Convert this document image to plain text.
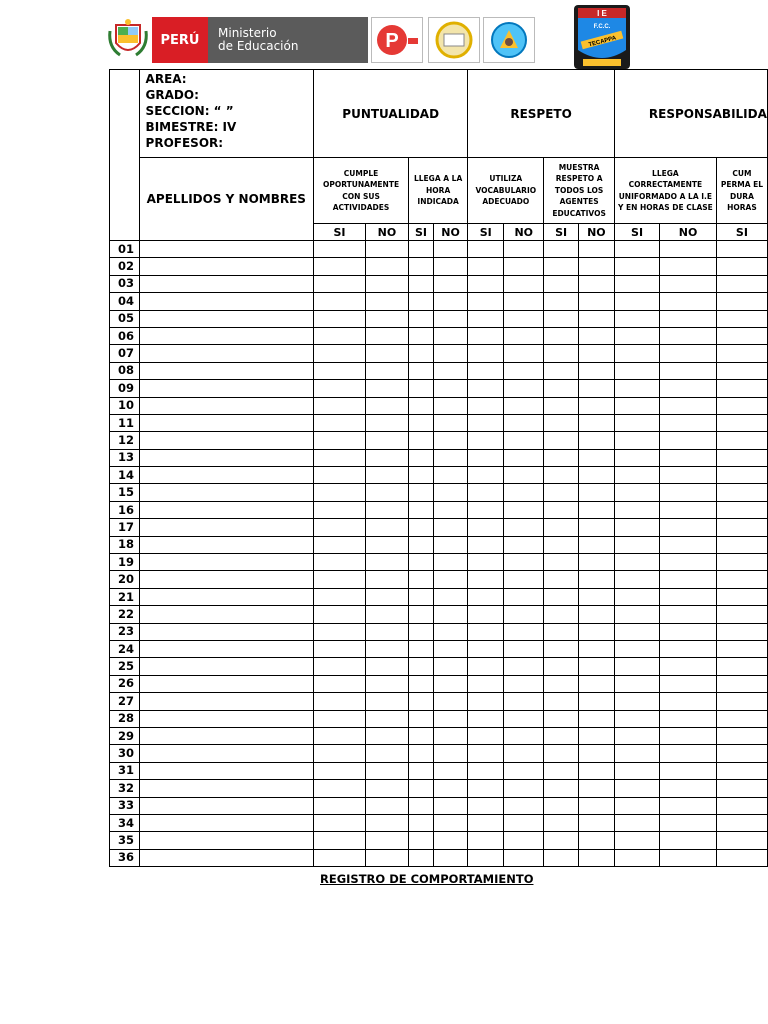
PERÚ	Ministerio
de Educación	P
I E
F.C.C.
TECAPPA

	AREA:
GRADO:
SECCION: “ ”
BIMESTRE: IV
PROFESOR:	PUNTUALIDAD				RESPETO				RESPONSABILIDA		
	APELLIDOS Y NOMBRES	CUMPLE OPORTUNAMENTE CON SUS ACTIVIDADES		LLEGA A LA HORA INDICADA		UTILIZA VOCABULARIO ADECUADO		MUESTRA RESPETO A TODOS LOS AGENTES EDUCATIVOS		LLEGA CORRECTAMENTE UNIFORMADO A LA I.E Y EN HORAS DE CLASE		CUM PERMA EL DURA HORAS
		SI	NO	SI	NO	SI	NO	SI	NO	SI	NO	SI
01												
02												
03												
04												
05												
06												
07												
08												
09												
10												
11												
12												
13												
14												
15												
16												
17												
18												
19												
20												
21												
22												
23												
24												
25												
26												
27												
28												
29												
30												
31												
32												
33												
34												
35												
36												
REGISTRO DE COMPORTAMIENTO
